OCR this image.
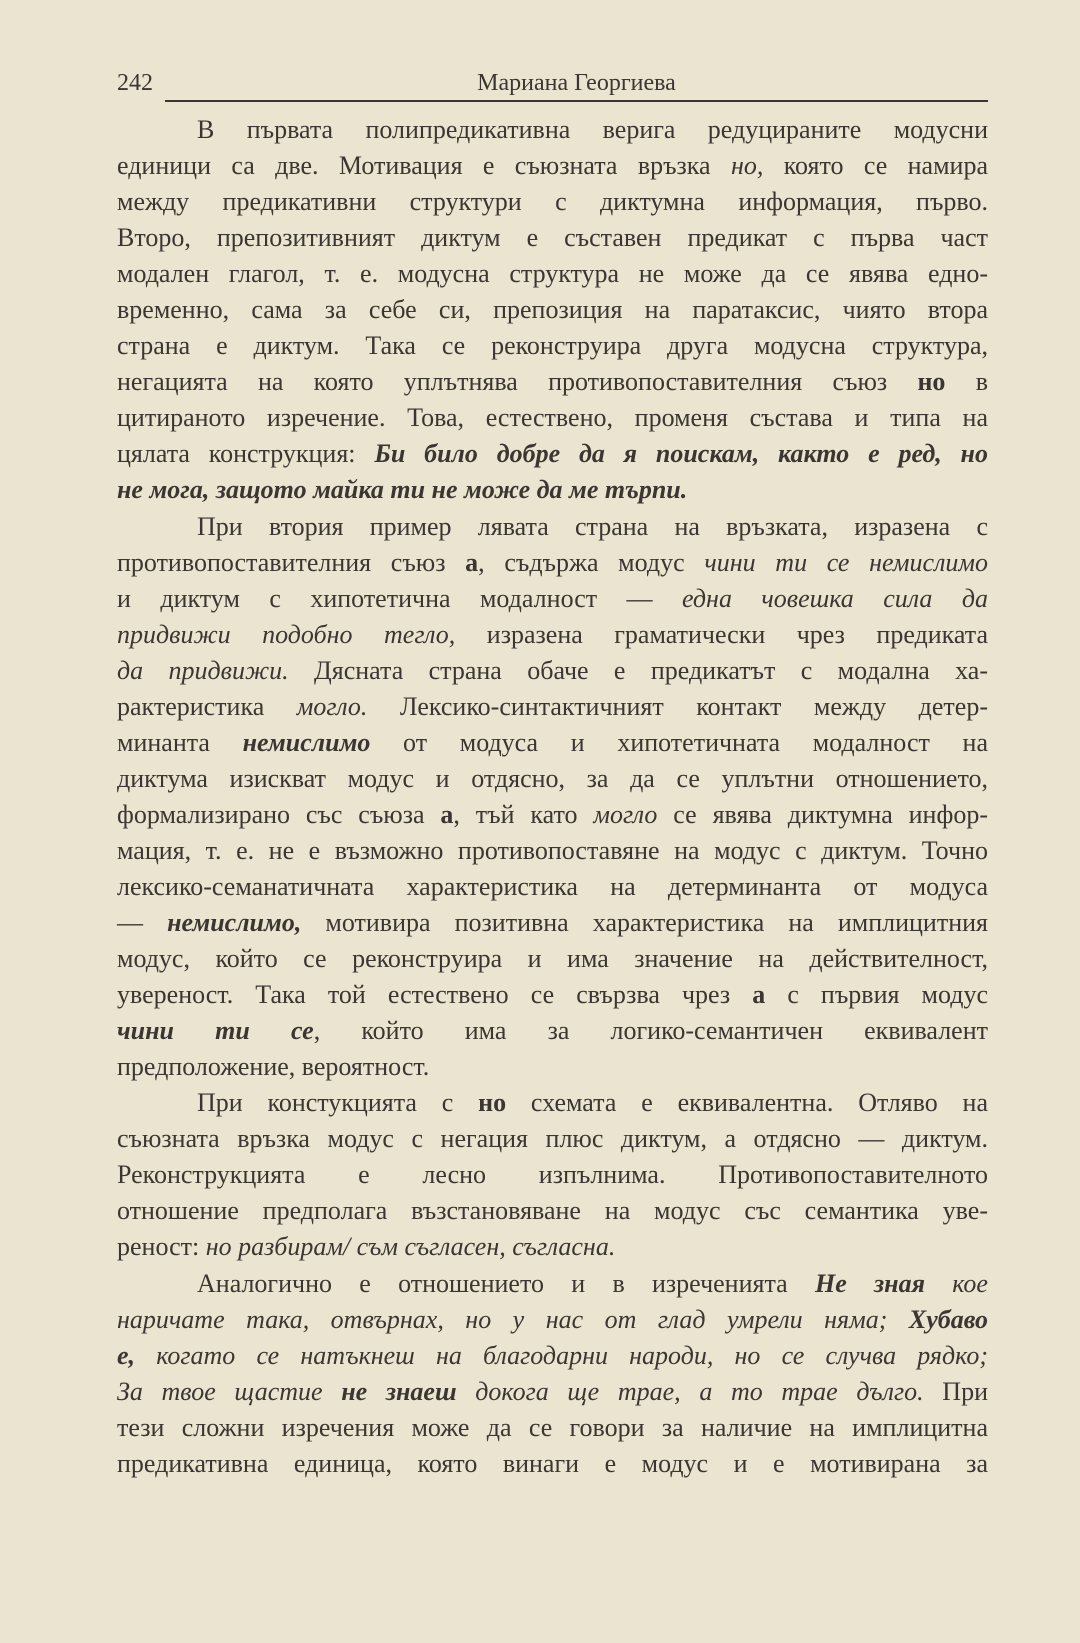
242	Мариана Георгиева
В първата полипредикативна верига редуцираните модусни
единици са две. Мотивация е съюзната връзка но, която се намира
между предикативни структури с диктумна информация, първо.
Второ, препозитивният диктум е съставен предикат с първа част
модален глагол, т. е. модусна структура не може да се явява едно-
временно, сама за себе си, препозиция на паратаксис, чиято втора
страна е диктум. Така се реконструира друга модусна структура,
негацията на която уплътнява противопоставителния съюз но в
цитираното изречение. Това, естествено, променя състава и типа на
цялата конструкция: Би било добре да я поискам, както е ред, но
не мога, защото майка ти не може да ме търпи.
При втория пример лявата страна на връзката, изразена с
противопоставителния съюз а, съдържа модус чини ти се немислимо
и диктум с хипотетична модалност — една човешка сила да
придвижи подобно тегло, изразена граматически чрез предиката
да придвижи. Дясната страна обаче е предикатът с модална ха-
рактеристика могло. Лексико-синтактичният контакт между детер-
минанта немислимо от модуса и хипотетичната модалност на
диктума изискват модус и отдясно, за да се уплътни отношението,
формализирано със съюза а, тъй като могло се явява диктумна инфор-
мация, т. е. не е възможно противопоставяне на модус с диктум. Точно
лексико-семанатичната характеристика на детерминанта от модуса
— немислимо, мотивира позитивна характеристика на имплицитния
модус, който се реконструира и има значение на действителност,
увереност. Така той естествено се свързва чрез а с първия модус
чини ти се, който има за логико-семантичен еквивалент
предположение, вероятност.
При констукцията с но схемата е еквивалентна. Отляво на
съюзната връзка модус с негация плюс диктум, а отдясно — диктум.
Реконструкцията е лесно изпълнима. Противопоставителното
отношение предполага възстановяване на модус със семантика уве-
реност: но разбирам/ съм съгласен, съгласна.
Аналогично е отношението и в изреченията Не зная кое
наричате така, отвърнах, но у нас от глад умрели няма; Хубаво
е, когато се натъкнеш на благодарни народи, но се случва рядко;
За твое щастие не знаеш докога ще трае, а то трае дълго. При
тези сложни изречения може да се говори за наличие на имплицитна
предикативна единица, която винаги е модус и е мотивирана за
